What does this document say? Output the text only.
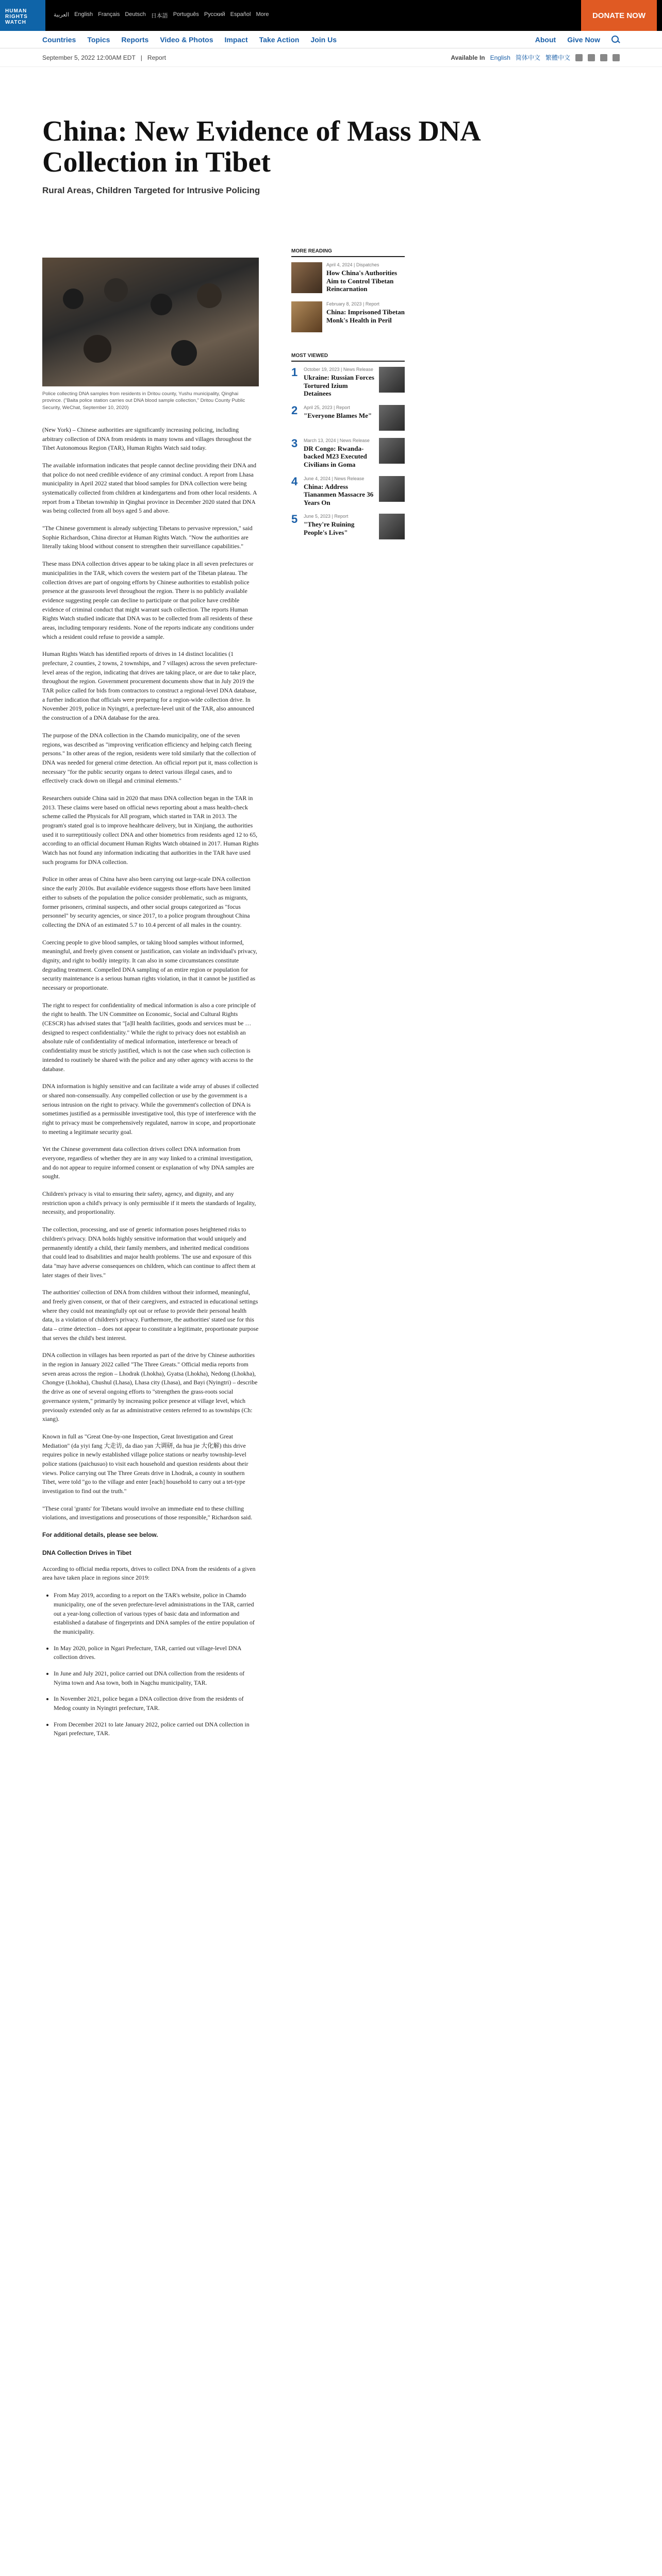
HUMAN RIGHTS WATCH
العربية English Français Deutsch 日本語 Português Русский Español More	DONATE NOW
Countries Topics Reports Video & Photos Impact Take Action Join Us	About Give Now
September 5, 2022 12:00AM EDT | Report	Available In English 简体中文 繁體中文
China: New Evidence of Mass DNA Collection in Tibet
Rural Areas, Children Targeted for Intrusive Policing
Police collecting DNA samples from residents in Dritou county, Yushu municipality, Qinghai province. ("Baita police station carries out DNA blood sample collection," Dritou County Public Security, WeChat, September 10, 2020)

(New York) – Chinese authorities are significantly increasing policing, including arbitrary collection of DNA from residents in many towns and villages throughout the Tibet Autonomous Region (TAR), Human Rights Watch said today.

The available information indicates that people cannot decline providing their DNA and that police do not need credible evidence of any criminal conduct. A report from Lhasa municipality in April 2022 stated that blood samples for DNA collection were being systematically collected from children at kindergartens and from other local residents. A report from a Tibetan township in Qinghai province in December 2020 stated that DNA was being collected from all boys aged 5 and above.

"The Chinese government is already subjecting Tibetans to pervasive repression," said Sophie Richardson, China director at Human Rights Watch. "Now the authorities are literally taking blood without consent to strengthen their surveillance capabilities."

These mass DNA collection drives appear to be taking place in all seven prefectures or municipalities in the TAR, which covers the western part of the Tibetan plateau. The collection drives are part of ongoing efforts by Chinese authorities to establish police presence at the grassroots level throughout the region. There is no publicly available evidence suggesting people can decline to participate or that police have credible evidence of criminal conduct that might warrant such collection. The reports Human Rights Watch studied indicate that DNA was to be collected from all residents of these areas, including temporary residents. None of the reports indicate any conditions under which a resident could refuse to provide a sample.

Human Rights Watch has identified reports of drives in 14 distinct localities (1 prefecture, 2 counties, 2 towns, 2 townships, and 7 villages) across the seven prefecture-level areas of the region, indicating that drives are taking place, or are due to take place, throughout the region. Government procurement documents show that in July 2019 the TAR police called for bids from contractors to construct a regional-level DNA database, a further indication that officials were preparing for a region-wide collection drive. In November 2019, police in Nyingtri, a prefecture-level unit of the TAR, also announced the construction of a DNA database for the area.

The purpose of the DNA collection in the Chamdo municipality, one of the seven regions, was described as "improving verification efficiency and helping catch fleeing persons." In other areas of the region, residents were told similarly that the collection of DNA was needed for general crime detection. An official report put it, mass collection is necessary "for the public security organs to detect various illegal cases, and to effectively crack down on illegal and criminal elements."

Researchers outside China said in 2020 that mass DNA collection began in the TAR in 2013. These claims were based on official news reporting about a mass health-check scheme called the Physicals for All program, which started in TAR in 2013. The program's stated goal is to improve healthcare delivery, but in Xinjiang, the authorities used it to surreptitiously collect DNA and other biometrics from residents aged 12 to 65, according to an official document Human Rights Watch obtained in 2017. Human Rights Watch has not found any information indicating that authorities in the TAR have used such programs for DNA collection.

Police in other areas of China have also been carrying out large-scale DNA collection since the early 2010s. But available evidence suggests those efforts have been limited either to subsets of the population the police consider problematic, such as migrants, former prisoners, criminal suspects, and other social groups categorized as "focus personnel" by security agencies, or since 2017, to a police program throughout China collecting the DNA of an estimated 5.7 to 10.4 percent of all males in the country.

Coercing people to give blood samples, or taking blood samples without informed, meaningful, and freely given consent or justification, can violate an individual's privacy, dignity, and right to bodily integrity. It can also in some circumstances constitute degrading treatment. Compelled DNA sampling of an entire region or population for security maintenance is a serious human rights violation, in that it cannot be justified as necessary or proportionate.

The right to respect for confidentiality of medical information is also a core principle of the right to health. The UN Committee on Economic, Social and Cultural Rights (CESCR) has advised states that "[a]ll health facilities, goods and services must be … designed to respect confidentiality." While the right to privacy does not establish an absolute rule of confidentiality of medical information, interference or breach of confidentiality must be strictly justified, which is not the case when such collection is intended to routinely be shared with the police and any other agency with access to the database.

DNA information is highly sensitive and can facilitate a wide array of abuses if collected or shared non-consensually. Any compelled collection or use by the government is a serious intrusion on the right to privacy. While the government's collection of DNA is sometimes justified as a permissible investigative tool, this type of interference with the right to privacy must be comprehensively regulated, narrow in scope, and proportionate to meeting a legitimate security goal.

Yet the Chinese government data collection drives collect DNA information from everyone, regardless of whether they are in any way linked to a criminal investigation, and do not appear to require informed consent or explanation of why DNA samples are sought.

Children's privacy is vital to ensuring their safety, agency, and dignity, and any restriction upon a child's privacy is only permissible if it meets the standards of legality, necessity, and proportionality.

The collection, processing, and use of genetic information poses heightened risks to children's privacy. DNA holds highly sensitive information that would uniquely and permanently identify a child, their family members, and inherited medical conditions that could lead to disabilities and major health problems. The use and exposure of this data "may have adverse consequences on children, which can continue to affect them at later stages of their lives."

The authorities' collection of DNA from children without their informed, meaningful, and freely given consent, or that of their caregivers, and extracted in educational settings where they could not meaningfully opt out or refuse to provide their personal health data, is a violation of children's privacy. Furthermore, the authorities' stated use for this data – crime detection – does not appear to constitute a legitimate, proportionate purpose that serves the child's best interest.

DNA collection in villages has been reported as part of the drive by Chinese authorities in the region in January 2022 called "The Three Greats." Official media reports from seven areas across the region – Lhodrak (Lhokha), Gyatsa (Lhokha), Nedong (Lhokha), Chongye (Lhokha), Chushul (Lhasa), Lhasa city (Lhasa), and Bayi (Nyingtri) – describe the drive as one of several ongoing efforts to "strengthen the grass-roots social governance system," primarily by increasing police presence at village level, which previously extended only as far as administrative centers referred to as townships (Ch: xiang).

Known in full as "Great One-by-one Inspection, Great Investigation and Great Mediation" (da yiyi fang 大走访, da diao yan 大调研, da hua jie 大化解) this drive requires police in newly established village police stations or nearby township-level police stations (paichusuo) to visit each household and question residents about their views. Police carrying out The Three Greats drive in Lhodrak, a county in southern Tibet, were told "go to the village and enter [each] household to carry out a tet-type investigation to find out the truth."

"These coral 'grants' for Tibetans would involve an immediate end to these chilling violations, and investigations and prosecutions of those responsible," Richardson said.

For additional details, please see below.

DNA Collection Drives in Tibet

According to official media reports, drives to collect DNA from the residents of a given area have taken place in regions since 2019:

• From May 2019, according to a report on the TAR's website, police in Chamdo municipality, one of the seven prefecture-level administrations in the TAR, carried out a year-long collection of various types of basic data and information and established a database of fingerprints and DNA samples of the entire population of the municipality.
• In May 2020, police in Ngari Prefecture, TAR, carried out village-level DNA collection drives.
• In June and July 2021, police carried out DNA collection from the residents of Nyima town and Asa town, both in Nagchu municipality, TAR.
• In November 2021, police began a DNA collection drive from the residents of Medog county in Nyingtri prefecture, TAR.
• From December 2021 to late January 2022, police carried out DNA collection in Ngari prefecture, TAR.
MORE READING
April 4, 2024 | Dispatches
How China's Authorities Aim to Control Tibetan Reincarnation
February 8, 2023 | Report
China: Imprisoned Tibetan Monk's Health in Peril
MOST VIEWED
1	October 19, 2023 | News Release
Ukraine: Russian Forces Tortured Izium Detainees
2	April 25, 2023 | Report
"Everyone Blames Me"
3	March 13, 2024 | News Release
DR Congo: Rwanda-backed M23 Executed Civilians in Goma
4	June 4, 2024 | News Release
China: Address Tiananmen Massacre 36 Years On
5	June 5, 2023 | Report
"They're Ruining People's Lives"
